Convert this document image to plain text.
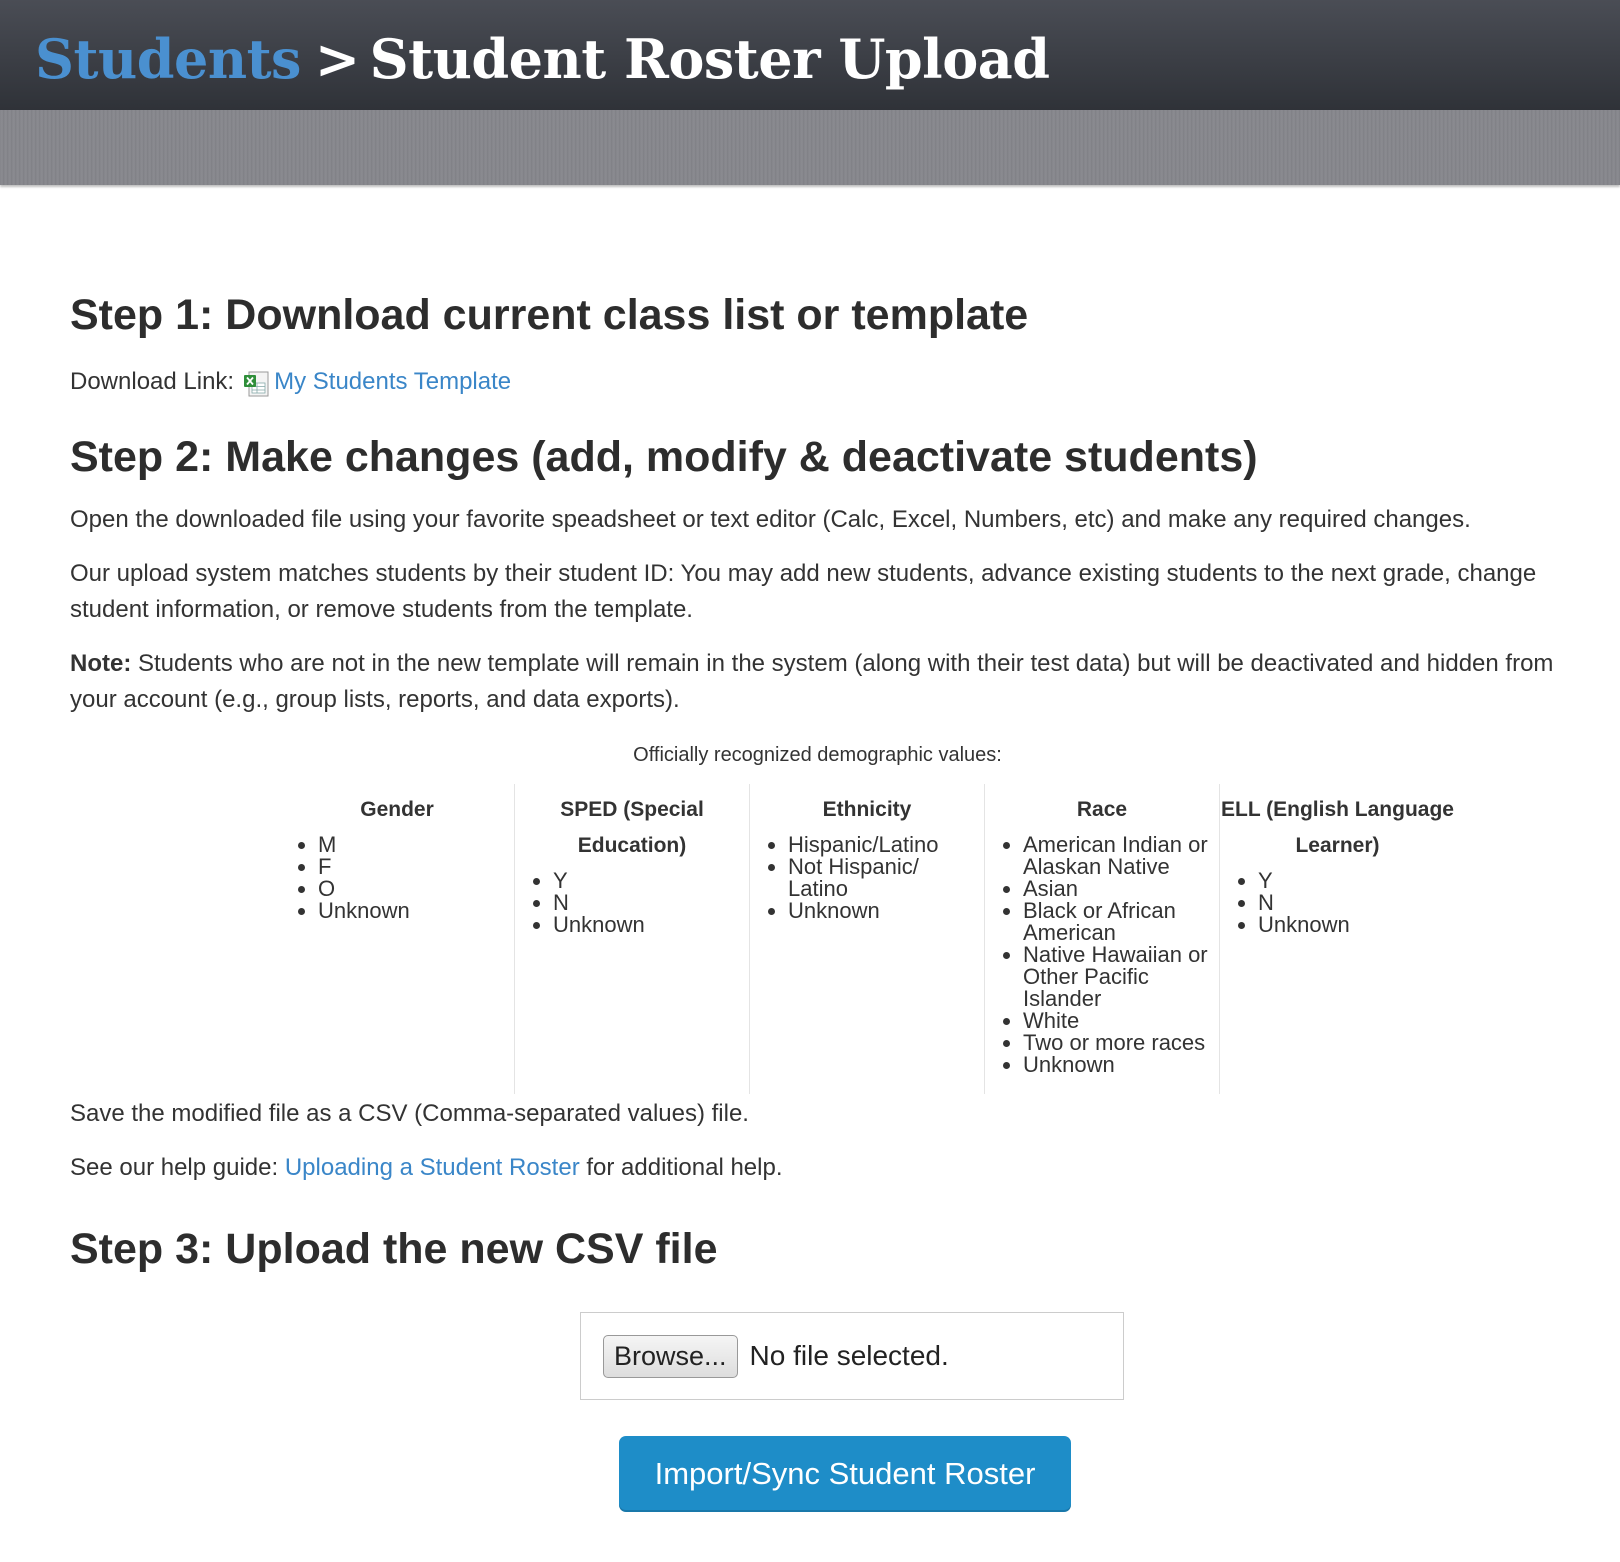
Students > Student Roster Upload
Step 1: Download current class list or template

Download Link: My Students Template
Step 2: Make changes (add, modify & deactivate students)

Open the downloaded file using your favorite speadsheet or text editor (Calc, Excel, Numbers, etc) and make any required changes.

Our upload system matches students by their student ID: You may add new students, advance existing students to the next grade, change student information, or remove students from the template.

Note: Students who are not in the new template will remain in the system (along with their test data) but will be deactivated and hidden from your account (e.g., group lists, reports, and data exports).

Officially recognized demographic values:
Gender
• M
• F
• O
• Unknown
SPED (Special Education)
• Y
• N
• Unknown
Ethnicity
• Hispanic/Latino
• Not Hispanic/ Latino
• Unknown
Race
• American Indian or Alaskan Native
• Asian
• Black or African American
• Native Hawaiian or Other Pacific Islander
• White
• Two or more races
• Unknown
ELL (English Language Learner)
• Y
• N
• Unknown

Save the modified file as a CSV (Comma-separated values) file.

See our help guide: Uploading a Student Roster for additional help.

Step 3: Upload the new CSV file
Browse... No file selected.
Import/Sync Student Roster
